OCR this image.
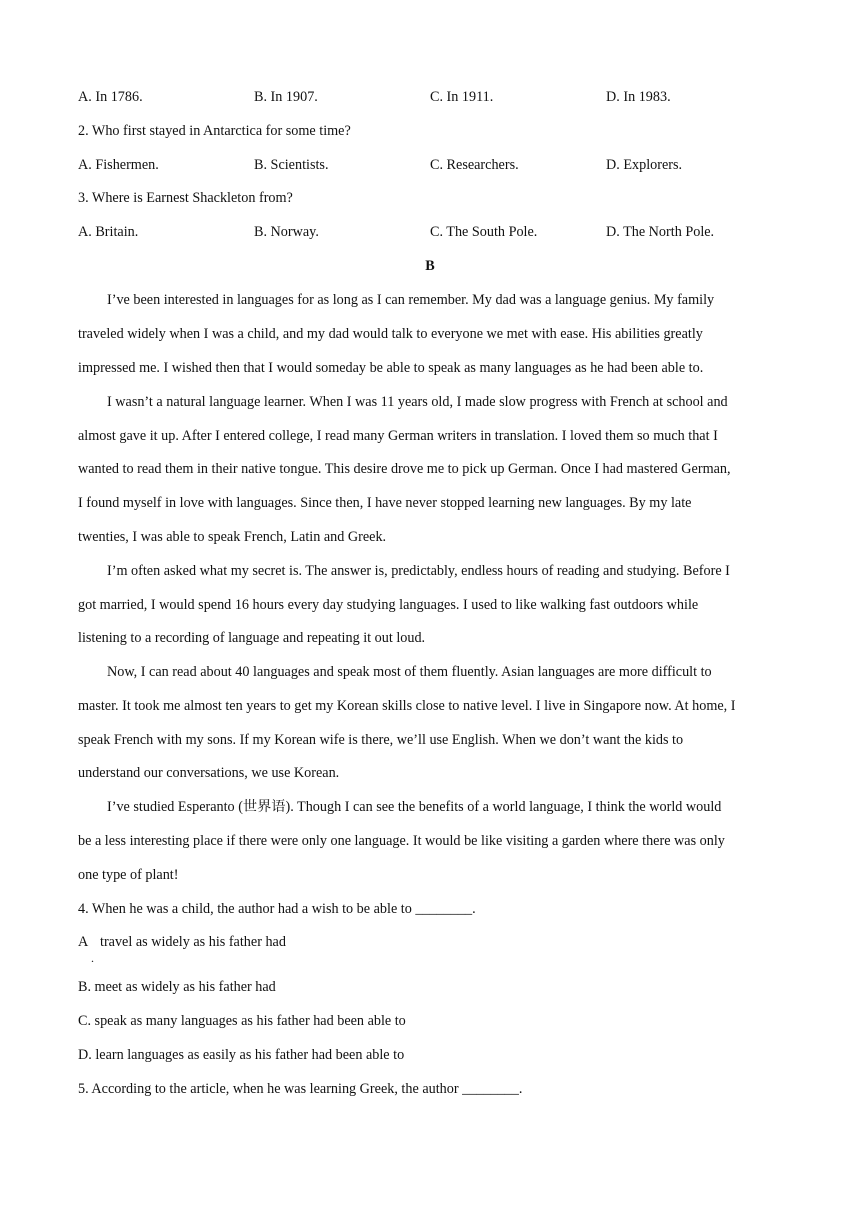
A. In 1786.	B. In 1907.	C. In 1911.	D. In 1983.
2. Who first stayed in Antarctica for some time?
A. Fishermen.	B. Scientists.	C. Researchers.	D. Explorers.
3. Where is Earnest Shackleton from?
A. Britain.	B. Norway.	C. The South Pole.	D. The North Pole.
B
I’ve been interested in languages for as long as I can remember. My dad was a language genius. My family
traveled widely when I was a child, and my dad would talk to everyone we met with ease. His abilities greatly
impressed me. I wished then that I would someday be able to speak as many languages as he had been able to.
I wasn’t a natural language learner. When I was 11 years old, I made slow progress with French at school and
almost gave it up. After I entered college, I read many German writers in translation. I loved them so much that I
wanted to read them in their native tongue. This desire drove me to pick up German. Once I had mastered German,
I found myself in love with languages. Since then, I have never stopped learning new languages. By my late
twenties, I was able to speak French, Latin and Greek.
I’m often asked what my secret is. The answer is, predictably, endless hours of reading and studying. Before I
got married, I would spend 16 hours every day studying languages. I used to like walking fast outdoors while
listening to a recording of language and repeating it out loud.
Now, I can read about 40 languages and speak most of them fluently. Asian languages are more difficult to
master. It took me almost ten years to get my Korean skills close to native level. I live in Singapore now. At home, I
speak French with my sons. If my Korean wife is there, we’ll use English. When we don’t want the kids to
understand our conversations, we use Korean.
I’ve studied Esperanto (世界语). Though I can see the benefits of a world language, I think the world would
be a less interesting place if there were only one language. It would be like visiting a garden where there was only
one type of plant!
4. When he was a child, the author had a wish to be able to ________.
A
.
travel as widely as his father had
B. meet as widely as his father had
C. speak as many languages as his father had been able to
D. learn languages as easily as his father had been able to
5. According to the article, when he was learning Greek, the author ________.
